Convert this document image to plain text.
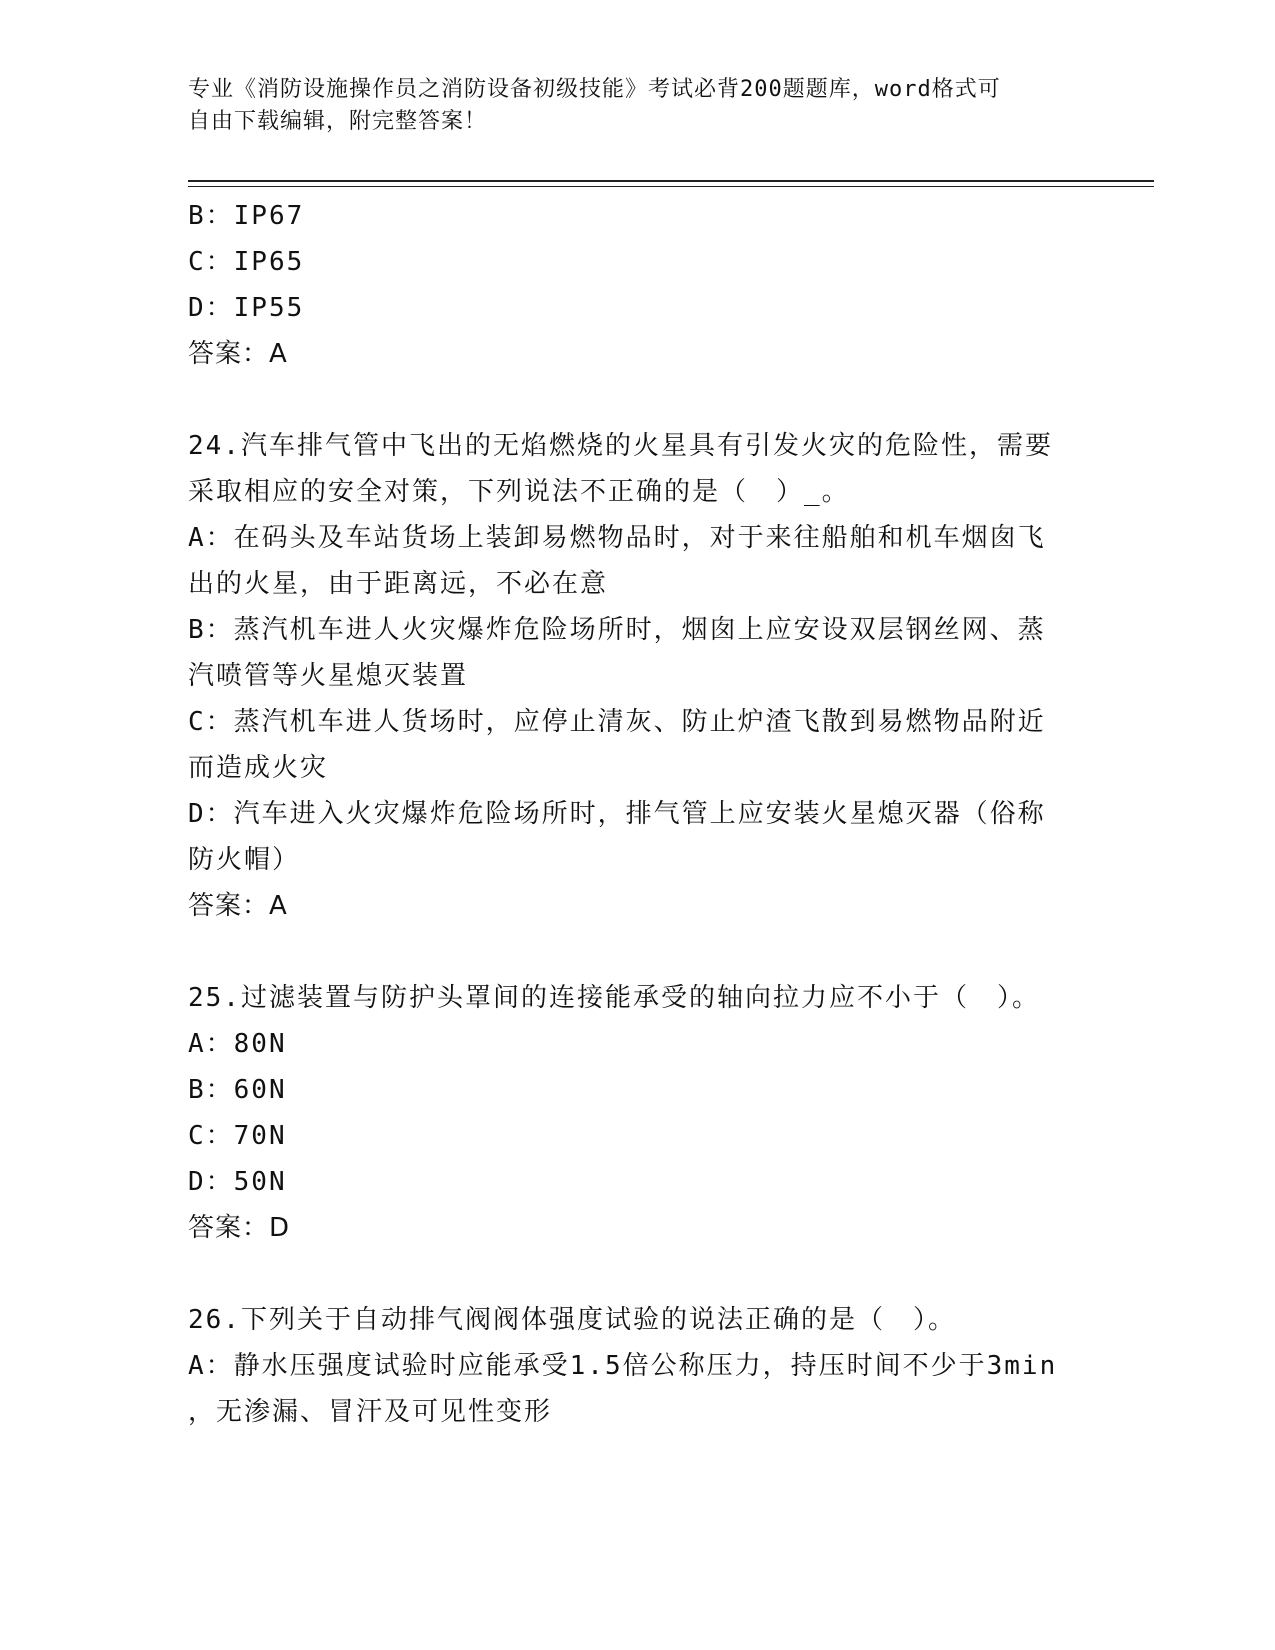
专业《消防设施操作员之消防设备初级技能》考试必背200题题库，word格式可
自由下载编辑，附完整答案！
B：IP67
C：IP65
D：IP55
答案：A
24.汽车排气管中飞出的无焰燃烧的火星具有引发火灾的危险性，需要
采取相应的安全对策，下列说法不正确的是（　）_。
A：在码头及车站货场上装卸易燃物品时，对于来往船舶和机车烟囱飞
出的火星，由于距离远，不必在意
B：蒸汽机车进人火灾爆炸危险场所时，烟囱上应安设双层钢丝网、蒸
汽喷管等火星熄灭装置
C：蒸汽机车进人货场时，应停止清灰、防止炉渣飞散到易燃物品附近
而造成火灾
D：汽车进入火灾爆炸危险场所时，排气管上应安装火星熄灭器（俗称
防火帽）
答案：A
25.过滤装置与防护头罩间的连接能承受的轴向拉力应不小于（　）。
A：80N
B：60N
C：70N
D：50N
答案：D
26.下列关于自动排气阀阀体强度试验的说法正确的是（　）。
A：静水压强度试验时应能承受1.5倍公称压力，持压时间不少于3min
，无渗漏、冒汗及可见性变形
